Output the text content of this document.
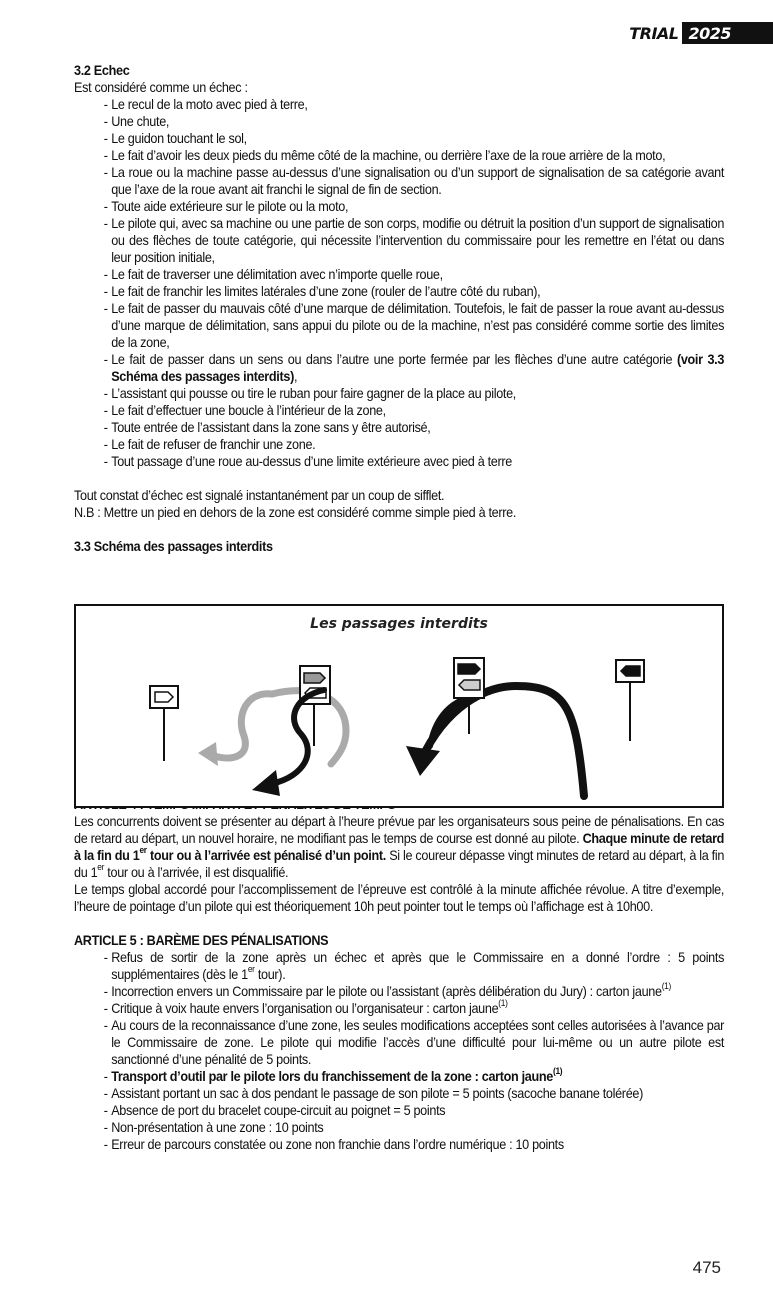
TRIAL 2025

3.2 Echec

Est considéré comme un échec :

- Le recul de la moto avec pied à terre,
- Une chute,
- Le guidon touchant le sol,
- Le fait d’avoir les deux pieds du même côté de la machine, ou derrière l’axe de la roue arrière de la moto,
- La roue ou la machine passe au-dessus d’une signalisation ou d’un support de signalisation de sa catégorie avant que l’axe de la roue avant ait franchi le signal de fin de section.
- Toute aide extérieure sur le pilote ou la moto,
- Le pilote qui, avec sa machine ou une partie de son corps, modifie ou détruit la position d’un support de signalisation ou des flèches de toute catégorie, qui nécessite l’intervention du commissaire pour les remettre en l’état ou dans leur position initiale,
- Le fait de traverser une délimitation avec n’importe quelle roue,
- Le fait de franchir les limites latérales d’une zone (rouler de l’autre côté du ruban),
- Le fait de passer du mauvais côté d’une marque de délimitation. Toutefois, le fait de passer la roue avant au-dessus d’une marque de délimitation, sans appui du pilote ou de la machine, n’est pas considéré comme sortie des limites de la zone,
- Le fait de passer dans un sens ou dans l’autre une porte fermée par les flèches d’une autre catégorie (voir 3.3 Schéma des passages interdits),
- L’assistant qui pousse ou tire le ruban pour faire gagner de la place au pilote,
- Le fait d’effectuer une boucle à l’intérieur de la zone,
- Toute entrée de l’assistant dans la zone sans y être autorisé,
- Le fait de refuser de franchir une zone.
- Tout passage d’une roue au-dessus d’une limite extérieure avec pied à terre

Tout constat d’échec est signalé instantanément par un coup de sifflet.

N.B : Mettre un pied en dehors de la zone est considéré comme simple pied à terre.

3.3 Schéma des passages interdits

Les concurrents doivent se présenter au départ à l’heure prévue par les organisateurs sous peine de pénalisations. En cas de retard au départ, un nouvel horaire, ne modifiant pas le temps de course est donné au pilote. Chaque minute de retard à la fin du 1er tour ou à l’arrivée est pénalisé d’un point. Si le coureur dépasse vingt minutes de retard au départ, à la fin du 1er tour ou à l’arrivée, il est disqualifié.

Le temps global accordé pour l’accomplissement de l’épreuve est contrôlé à la minute affichée révolue. A titre d’exemple, l’heure de pointage d’un pilote qui est théoriquement 10h peut pointer tout le temps où l’affichage est à 10h00.

ARTICLE 5 : BARÈME DES PÉNALISATIONS

- Refus de sortir de la zone après un échec et après que le Commissaire en a donné l’ordre : 5 points supplémentaires (dès le 1er tour).
- Incorrection envers un Commissaire par le pilote ou l’assistant (après délibération du Jury) : carton jaune$^{(1)}$
- Critique à voix haute envers l’organisation ou l’organisateur : carton jaune$^{(1)}$
- Au cours de la reconnaissance d’une zone, les seules modifications acceptées sont celles autorisées à l’avance par le Commissaire de zone. Le pilote qui modifie l’accès d’une difficulté pour lui-même ou un autre pilote est sanctionné d’une pénalité de 5 points.
- Transport d’outil par le pilote lors du franchissement de la zone : carton jaune$^{(1)}$
- Assistant portant un sac à dos pendant le passage de son pilote = 5 points (sacoche banane tolérée)
- Absence de port du bracelet coupe-circuit au poignet = 5 points
- Non-présentation à une zone : 10 points
- Erreur de parcours constatée ou zone non franchie dans l’ordre numérique : 10 points
Les passages interdits
475
